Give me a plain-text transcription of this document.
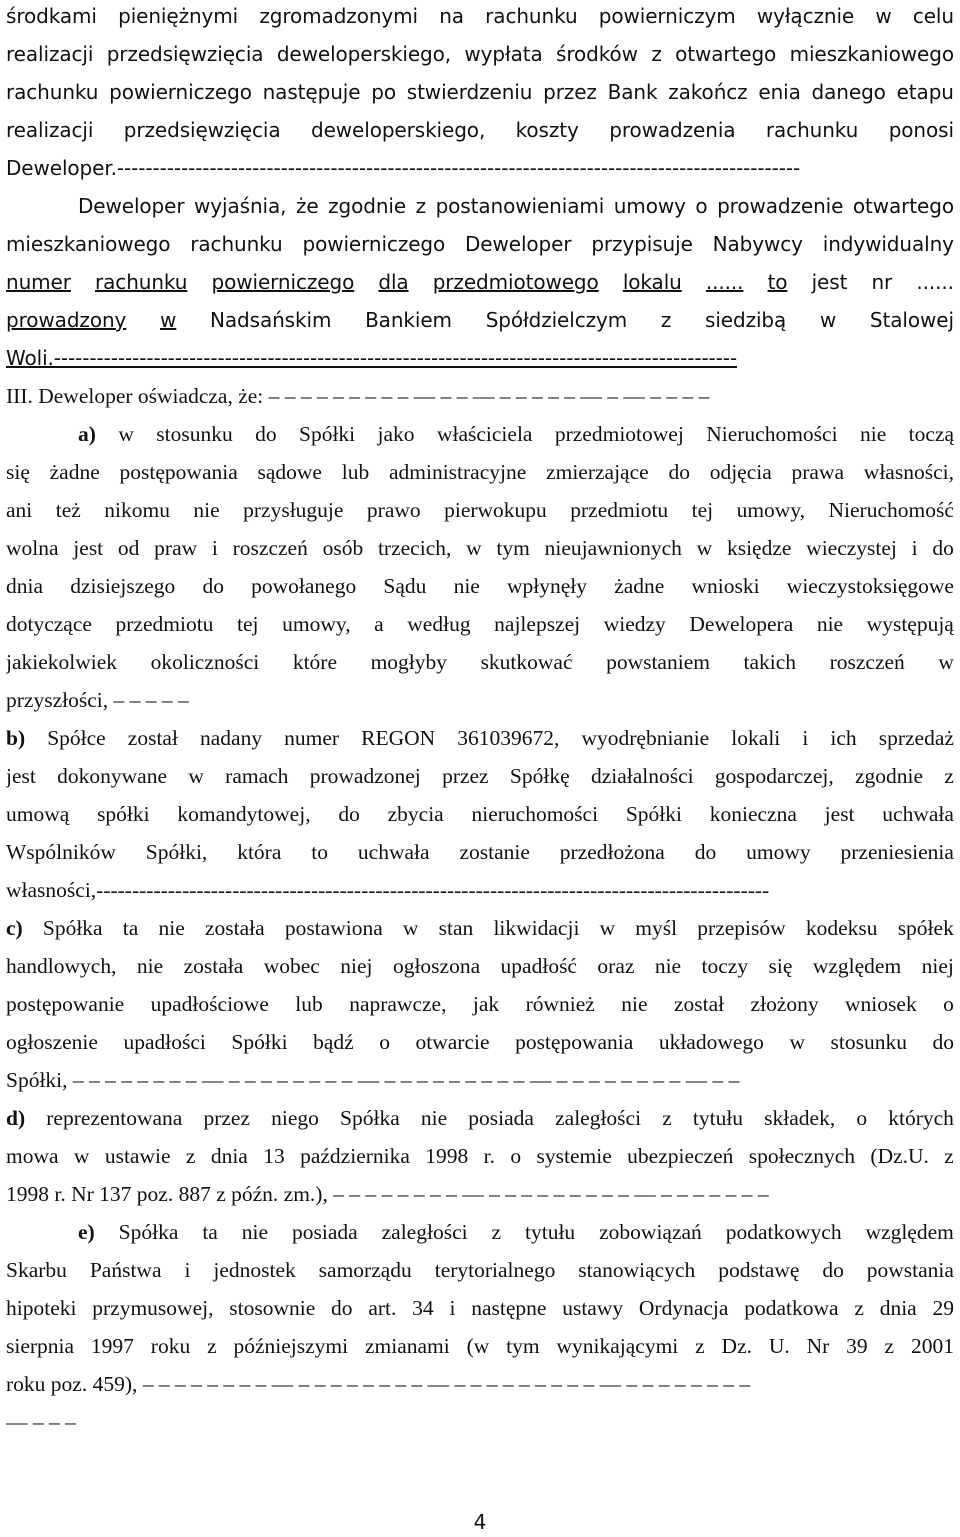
środkami pieniężnymi zgromadzonymi na rachunku powierniczym wyłącznie w celu
realizacji przedsięwzięcia deweloperskiego, wypłata środków z otwartego mieszkaniowego
rachunku powierniczego następuje po stwierdzeniu przez Bank zakończ enia danego etapu
realizacji przedsięwzięcia deweloperskiego, koszty prowadzenia rachunku ponosi
Deweloper.------------------------------------------------------------------------------------------------
Deweloper wyjaśnia, że zgodnie z postanowieniami umowy o prowadzenie otwartego
mieszkaniowego rachunku powierniczego Deweloper przypisuje Nabywcy indywidualny
numer rachunku powierniczego dla przedmiotowego lokalu ...... to jest nr ......
prowadzony w Nadsańskim Bankiem Spółdzielczym z siedzibą w Stalowej
Woli.------------------------------------------------------------------------------------------------
III. Deweloper oświadcza, że: – – – – – – – – – — – – — – – – – – — – — – – – –
a) w stosunku do Spółki jako właściciela przedmiotowej Nieruchomości nie toczą
się żadne postępowania sądowe lub administracyjne zmierzające do odjęcia prawa własności,
ani też nikomu nie przysługuje prawo pierwokupu przedmiotu tej umowy, Nieruchomość
wolna jest od praw i roszczeń osób trzecich, w tym nieujawnionych w księdze wieczystej i do
dnia dzisiejszego do powołanego Sądu nie wpłynęły żadne wnioski wieczystoksięgowe
dotyczące przedmiotu tej umowy, a według najlepszej wiedzy Dewelopera nie występują
jakiekolwiek okoliczności które mogłyby skutkować powstaniem takich roszczeń w
przyszłości, – – – – –
b) Spółce został nadany numer REGON 361039672, wyodrębnianie lokali i ich sprzedaż
jest dokonywane w ramach prowadzonej przez Spółkę działalności gospodarczej, zgodnie z
umową spółki komandytowej, do zbycia nieruchomości Spółki konieczna jest uchwała
Wspólników Spółki, która to uchwała zostanie przedłożona do umowy przeniesienia
własności,----------------------------------------------------------------------------------------------
c) Spółka ta nie została postawiona w stan likwidacji w myśl przepisów kodeksu spółek
handlowych, nie została wobec niej ogłoszona upadłość oraz nie toczy się względem niej
postępowanie upadłościowe lub naprawcze, jak również nie został złożony wniosek o
ogłoszenie upadłości Spółki bądź o otwarcie postępowania układowego w stosunku do
Spółki, – – – – – – – – — – – – – – – – – — – – – – – – – – – — – – – – – – – – — – –
d) reprezentowana przez niego Spółka nie posiada zaległości z tytułu składek, o których
mowa w ustawie z dnia 13 października 1998 r. o systemie ubezpieczeń społecznych (Dz.U. z
1998 r. Nr 137 poz. 887 z późn. zm.), – – – – – – – – — – – – – – – – – – — – – – – – – –
e) Spółka ta nie posiada zaległości z tytułu zobowiązań podatkowych względem
Skarbu Państwa i jednostek samorządu terytorialnego stanowiących podstawę do powstania
hipoteki przymusowej, stosownie do art. 34 i następne ustawy Ordynacja podatkowa z dnia 29
sierpnia 1997 roku z późniejszymi zmianami (w tym wynikającymi z Dz. U. Nr 39 z 2001
roku poz. 459), – – – – – – – – — – – – – – – – – — – – – – – – – – – — – – – – – – – –
— – – –
4
